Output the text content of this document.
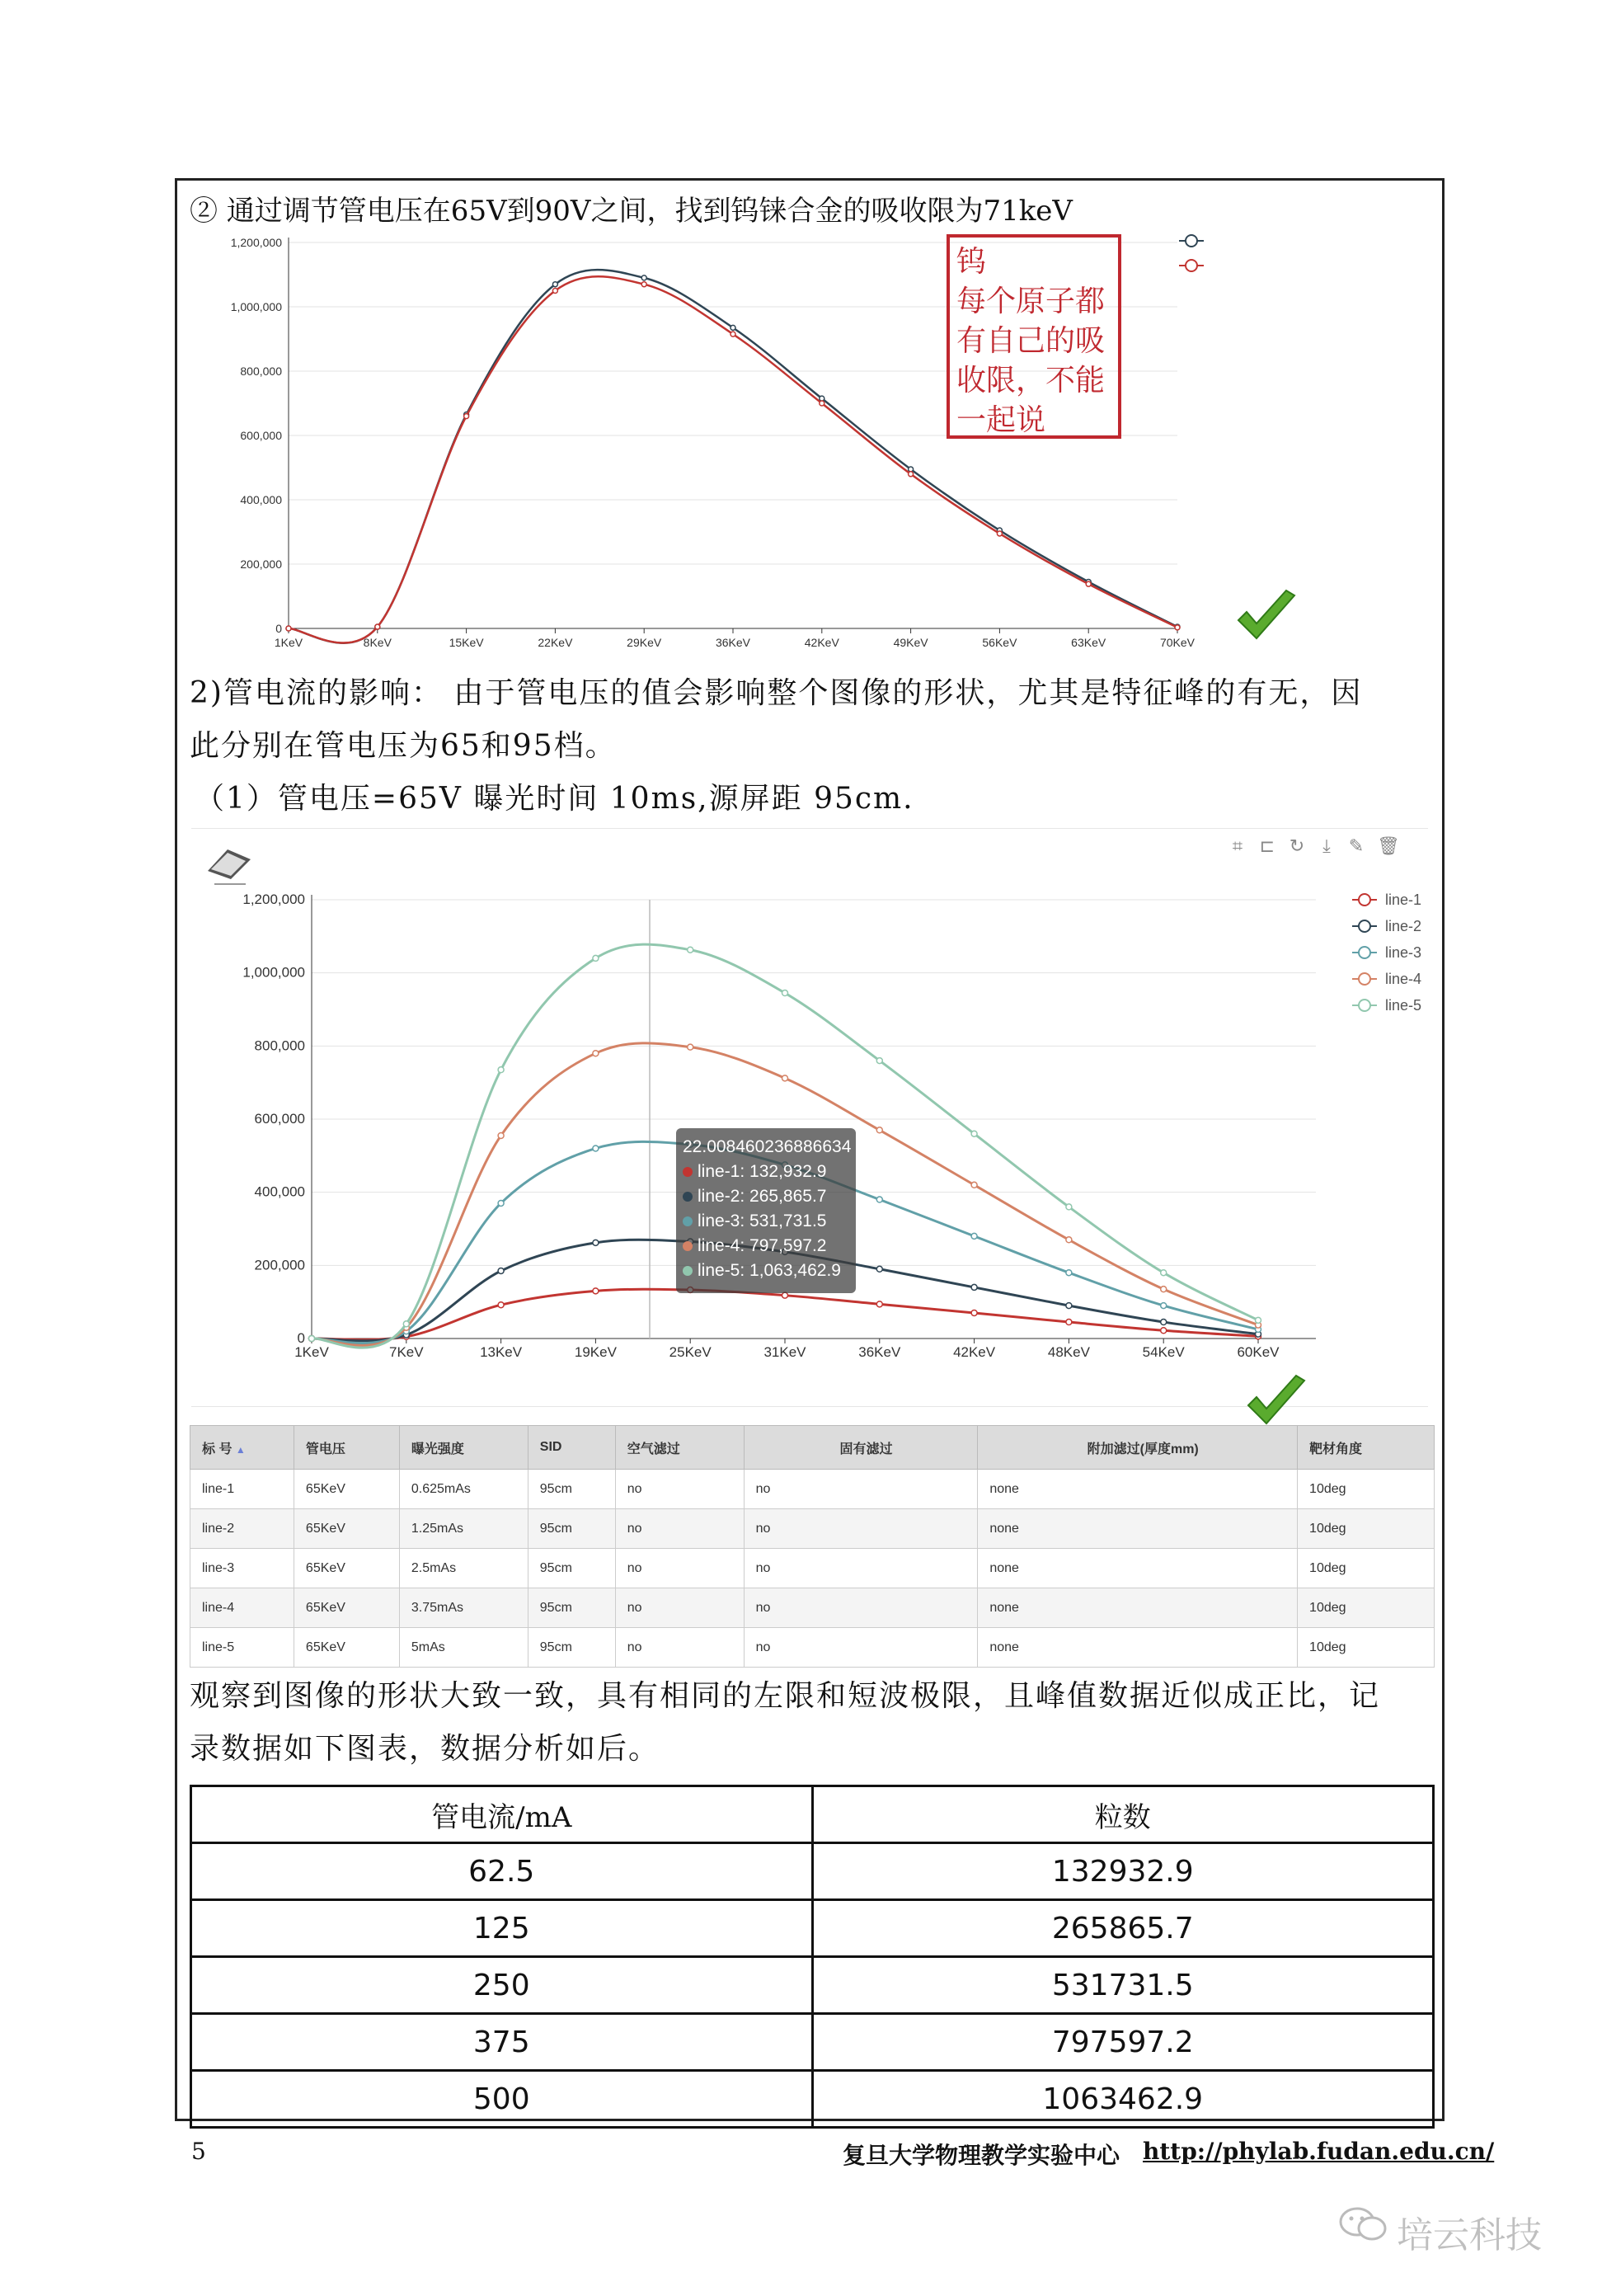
② 通过调节管电压在65V到90V之间，找到钨铼合金的吸收限为71keV
0
200,000
400,000
600,000
800,000
1,000,000
1,200,000
1KeV	8KeV	15KeV	22KeV	29KeV	36KeV	42KeV	49KeV	56KeV	63KeV	70KeV
钨
每个原子都
有自己的吸
收限，不能
一起说
2)管电流的影响： 由于管电压的值会影响整个图像的形状，尤其是特征峰的有无，因
此分别在管电压为65和95档。
（1）管电压=65V 曝光时间 10ms,源屏距 95cm.
⌗ ⊏ ↻ ⤓ ✎ 🗑
0
200,000
400,000
600,000
800,000
1,000,000
1,200,000
1KeV	7KeV	13KeV	19KeV	25KeV	31KeV	36KeV	42KeV	48KeV	54KeV	60KeV
line-1
line-2
line-3
line-4
line-5
22.008460236886634
line-1: 132,932.9
line-2: 265,865.7
line-3: 531,731.5
line-4: 797,597.2
line-5: 1,063,462.9
标 号 ▲	管电压	曝光强度	SID	空气滤过	固有滤过	附加滤过(厚度mm)	靶材角度
line-1	65KeV	0.625mAs	95cm	no	no	none	10deg
line-2	65KeV	1.25mAs	95cm	no	no	none	10deg
line-3	65KeV	2.5mAs	95cm	no	no	none	10deg
line-4	65KeV	3.75mAs	95cm	no	no	none	10deg
line-5	65KeV	5mAs	95cm	no	no	none	10deg
观察到图像的形状大致一致，具有相同的左限和短波极限，且峰值数据近似成正比，记
录数据如下图表，数据分析如后。
管电流/mA	粒数
62.5	132932.9
125	265865.7
250	531731.5
375	797597.2
500	1063462.9
5	复旦大学物理教学实验中心 http://phylab.fudan.edu.cn/
培云科技
